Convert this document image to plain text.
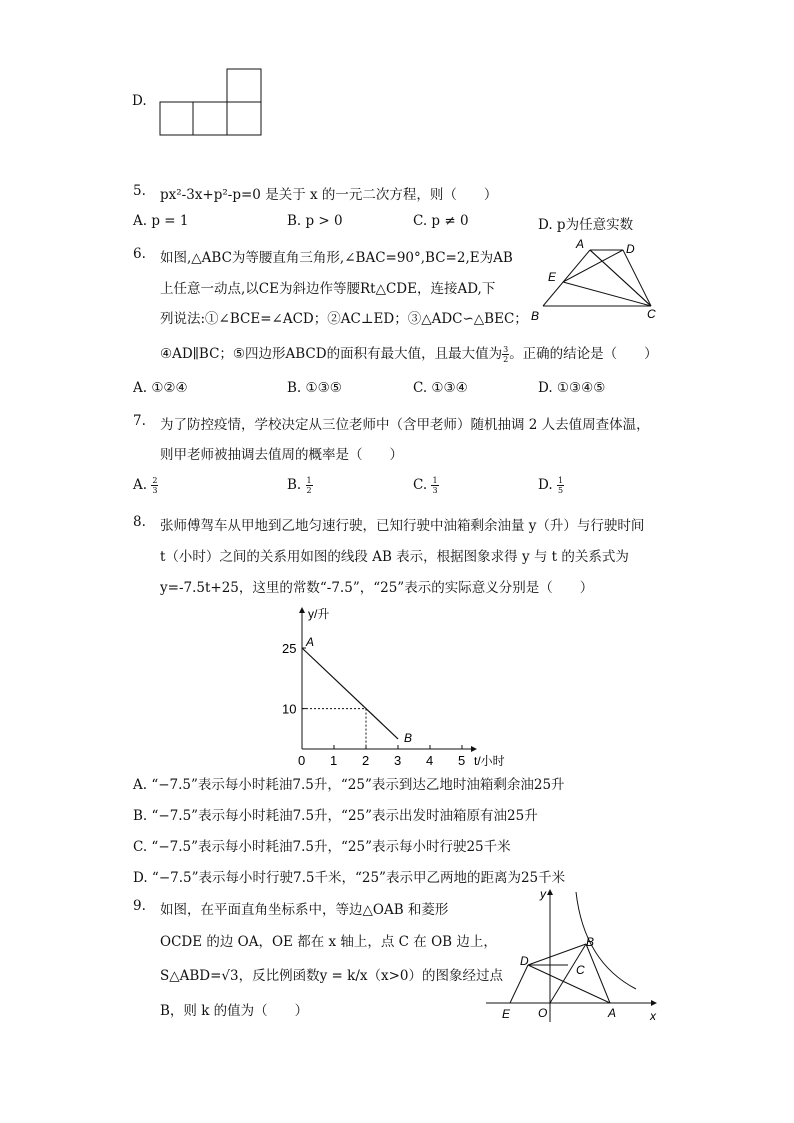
D.
5. px²-3x+p²-p=0 是关于 x 的一元二次方程，则（　　）
A. p = 1	B. p > 0	C. p ≠ 0	D. p为任意实数
6. 如图,△ABC为等腰直角三角形,∠BAC=90°,BC=2,E为AB
上任意一动点,以CE为斜边作等腰Rt△CDE，连接AD,下
列说法:①∠BCE=∠ACD；②AC⊥ED；③△ADC∽△BEC；
④AD∥BC；⑤四边形ABCD的面积有最大值，且最大值为 $\frac{3}{2}$ 。正确的结论是（　　）
A	D
E
B	C
A. ①②④	B. ①③⑤	C. ①③④	D. ①③④⑤
7. 为了防控疫情，学校决定从三位老师中（含甲老师）随机抽调 2 人去值周查体温，
则甲老师被抽调去值周的概率是（　　）
A. $\frac{2}{3}$	B. $\frac{1}{2}$	C. $\frac{1}{3}$	D. $\frac{1}{5}$
8. 张师傅驾车从甲地到乙地匀速行驶，已知行驶中油箱剩余油量 y（升）与行驶时间
t（小时）之间的关系用如图的线段 AB 表示，根据图象求得 y 与 t 的关系式为
y=-7.5t+25，这里的常数“-7.5”，“25”表示的实际意义分别是（　　）
0 1 2 3 4 5
10
25
y/升
t/小时
A
B
A. “−7.5”表示每小时耗油7.5升，“25”表示到达乙地时油箱剩余油25升
B. “−7.5”表示每小时耗油7.5升，“25”表示出发时油箱原有油25升
C. “−7.5”表示每小时耗油7.5升，“25”表示每小时行驶25千米
D. “−7.5”表示每小时行驶7.5千米，“25”表示甲乙两地的距离为25千米
9. 如图，在平面直角坐标系中，等边△OAB 和菱形
OCDE 的边 OA，OE 都在 x 轴上，点 C 在 OB 边上，
S△ABD=√3，反比例函数y = k/x（x>0）的图象经过点
B，则 k 的值为（　　）
y
x
O	A
B
C
D
E
